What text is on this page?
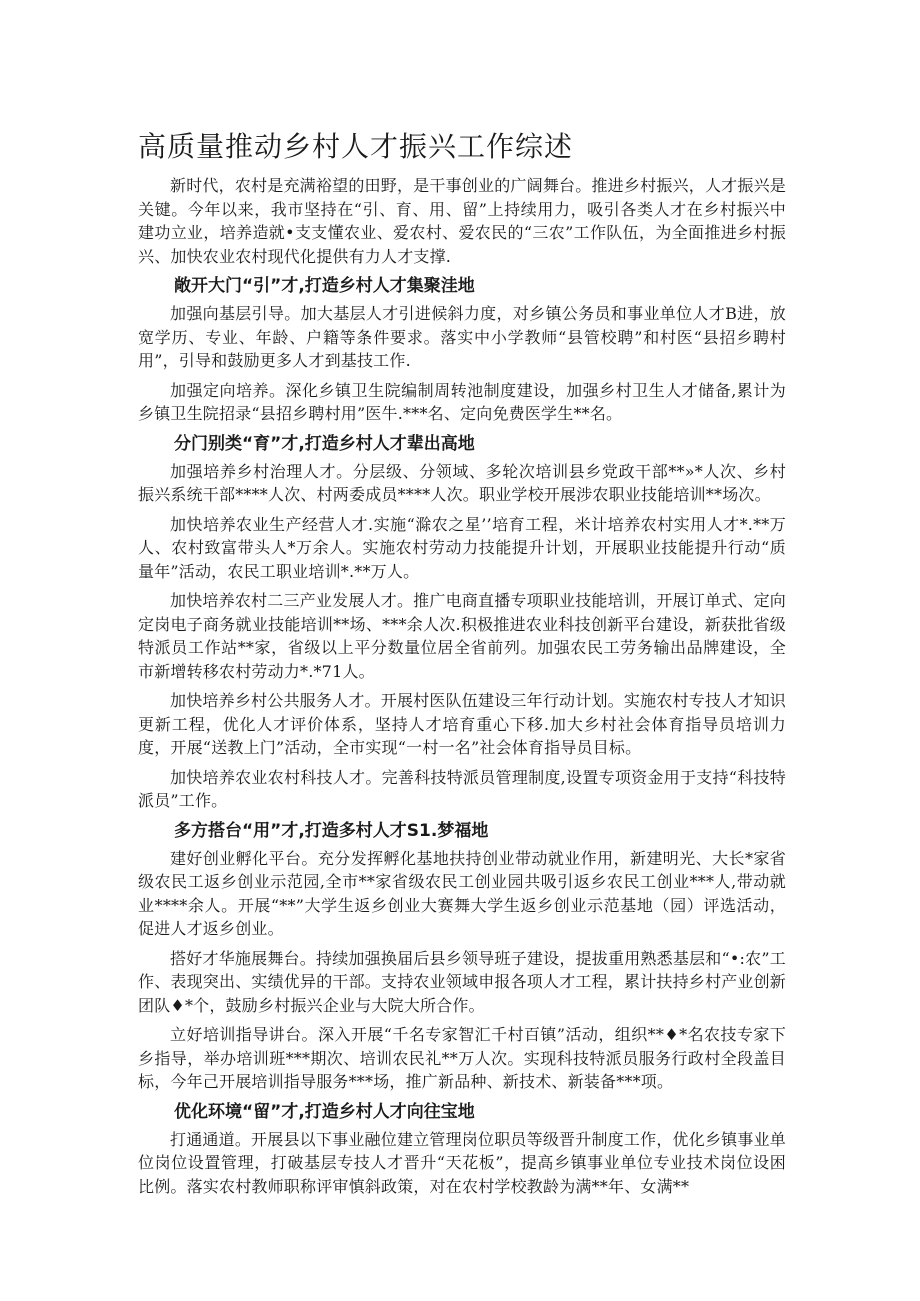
高质量推动乡村人才振兴工作综述

新时代，农村是充满裕望的田野，是干事创业的广阔舞台。推进乡村振兴，人才振兴是关键。今年以来，我市坚持在“引、育、用、留”上持续用力，吸引各类人才在乡村振兴中建功立业，培养造就•支支懂农业、爱农村、爱农民的“三农”工作队伍，为全面推进乡村振兴、加快农业农村现代化提供有力人才支撑.

敞开大门“引”才,打造乡村人才集聚洼地

加强向基层引导。加大基层人才引进候斜力度，对乡镇公务员和事业单位人才B进，放宽学历、专业、年龄、户籍等条件要求。落实中小学教师“县管校聘”和村医“县招乡聘村用”，引导和鼓励更多人才到基技工作.

加强定向培养。深化乡镇卫生院编制周转池制度建设，加强乡村卫生人才储备,累计为乡镇卫生院招录“县招乡聘村用”医牛.***名、定向免费医学生**名。

分门别类“育”才,打造乡村人才辈出高地

加强培养乡村治理人才。分层级、分领域、多轮次培训县乡党政干部**»*人次、乡村振兴系统干部****人次、村两委成员****人次。职业学校开展涉农职业技能培训**场次。

加快培养农业生产经营人才.实施“滁农之星’’培育工程，米计培养农村实用人才*.**万人、农村致富带头人*万余人。实施农村劳动力技能提升计划，开展职业技能提升行动“质量年”活动，农民工职业培训*.**万人。

加快培养农村二三产业发展人才。推广电商直播专项职业技能培训，开展订单式、定向定岗电子商务就业技能培训**场、***余人次.积极推进农业科技创新平台建设，新获批省级特派员工作站**家，省级以上平分数量位居全省前列。加强农民工劳务输出品牌建设，全市新增转移农村劳动力*.*71人。

加快培养乡村公共服务人才。开展村医队伍建设三年行动计划。实施农村专技人才知识更新工程，优化人才评价体系，坚持人才培育重心下移.加大乡村社会体育指导员培训力度，开展“送教上门”活动，全市实现“一村一名”社会体育指导员目标。

加快培养农业农村科技人才。完善科技特派员管理制度,设置专项资金用于支持“科技特派员”工作。

多方搭台“用”才,打造多村人才S1.梦福地

建好创业孵化平台。充分发挥孵化基地扶持创业带动就业作用，新建明光、大长*家省级农民工返乡创业示范园,全市**家省级农民工创业园共吸引返乡农民工创业***人,带动就业****余人。开展“**”大学生返乡创业大赛舞大学生返乡创业示范基地（园）评选活动，促进人才返乡创业。

搭好才华施展舞台。持续加强换届后县乡领导班子建设，提拔重用熟悉基层和“•:农”工作、表现突出、实绩优异的干部。支持农业领域申报各项人才工程，累计扶持乡村产业创新团队♦*个，鼓励乡村振兴企业与大院大所合作。

立好培训指导讲台。深入开展“千名专家智汇千村百镇”活动，组织**♦*名农技专家下乡指导，举办培训班***期次、培训农民礼**万人次。实现科技特派员服务行政村全段盖目标，今年己开展培训指导服务***场，推广新品种、新技术、新装备***项。

优化环境“留”才,打造乡村人才向往宝地

打通通道。开展县以下事业融位建立管理岗位职员等级晋升制度工作，优化乡镇事业单位岗位设置管理，打破基层专技人才晋升“天花板”，提高乡镇事业单位专业技术岗位设困比例。落实农村教师职称评审慎斜政策，对在农村学校教龄为满**年、女满**
